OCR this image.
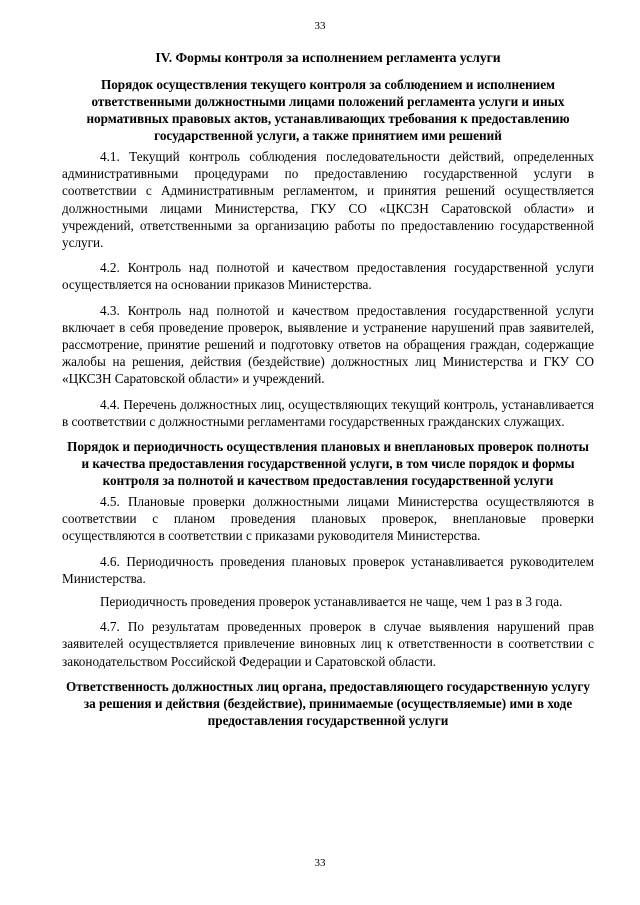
33
IV. Формы контроля за исполнением регламента услуги
Порядок осуществления текущего контроля за соблюдением и исполнением ответственными должностными лицами положений регламента услуги и иных нормативных правовых актов, устанавливающих требования к предоставлению государственной услуги, а также принятием ими решений
4.1. Текущий контроль соблюдения последовательности действий, определенных административными процедурами по предоставлению государственной услуги в соответствии с Административным регламентом, и принятия решений осуществляется должностными лицами Министерства, ГКУ СО «ЦКСЗН Саратовской области» и учреждений, ответственными за организацию работы по предоставлению государственной услуги.
4.2. Контроль над полнотой и качеством предоставления государственной услуги осуществляется на основании приказов Министерства.
4.3. Контроль над полнотой и качеством предоставления государственной услуги включает в себя проведение проверок, выявление и устранение нарушений прав заявителей, рассмотрение, принятие решений и подготовку ответов на обращения граждан, содержащие жалобы на решения, действия (бездействие) должностных лиц Министерства и ГКУ СО «ЦКСЗН Саратовской области» и учреждений.
4.4. Перечень должностных лиц, осуществляющих текущий контроль, устанавливается в соответствии с должностными регламентами государственных гражданских служащих.
Порядок и периодичность осуществления плановых и внеплановых проверок полноты и качества предоставления государственной услуги, в том числе порядок и формы контроля за полнотой и качеством предоставления государственной услуги
4.5. Плановые проверки должностными лицами Министерства осуществляются в соответствии с планом проведения плановых проверок, внеплановые проверки осуществляются в соответствии с приказами руководителя Министерства.
4.6. Периодичность проведения плановых проверок устанавливается руководителем Министерства.
Периодичность проведения проверок устанавливается не чаще, чем 1 раз в 3 года.
4.7. По результатам проведенных проверок в случае выявления нарушений прав заявителей осуществляется привлечение виновных лиц к ответственности в соответствии с законодательством Российской Федерации и Саратовской области.
Ответственность должностных лиц органа, предоставляющего государственную услугу за решения и действия (бездействие), принимаемые (осуществляемые) ими в ходе предоставления государственной услуги
33
